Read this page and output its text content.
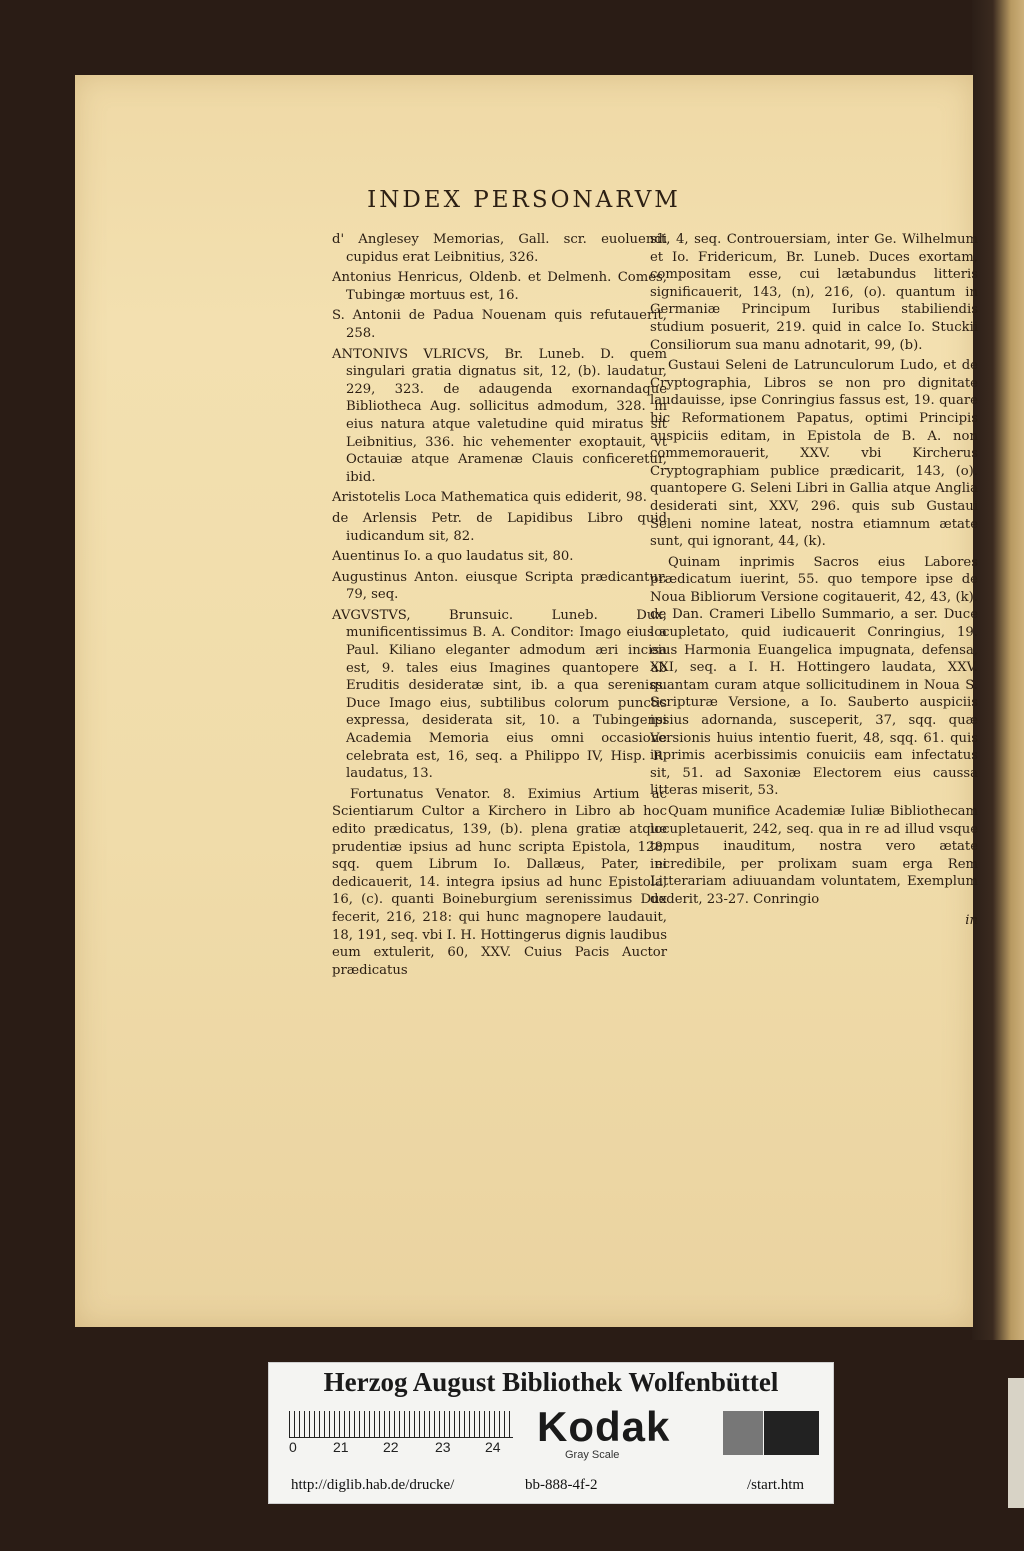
INDEX PERSONARVM

d' Anglesey Memorias, Gall. scr. euoluendi cupidus erat Leibnitius, 326.

Antonius Henricus, Oldenb. et Delmenh. Comes, Tubingæ mortuus est, 16.

S. Antonii de Padua Nouenam quis refutauerit, 258.

ANTONIVS VLRICVS, Br. Luneb. D. quem singulari gratia dignatus sit, 12, (b). laudatur, 229, 323. de adaugenda exornandaque Bibliotheca Aug. sollicitus admodum, 328. in eius natura atque valetudine quid miratus sit Leibnitius, 336. hic vehementer exoptauit, vt Octauiæ atque Aramenæ Clauis conficeretur, ibid.

Aristotelis Loca Mathematica quis ediderit, 98.

de Arlensis Petr. de Lapidibus Libro quid iudicandum sit, 82.

Auentinus Io. a quo laudatus sit, 80.

Augustinus Anton. eiusque Scripta prædicantur, 79, seq.

AVGVSTVS, Brunsuic. Luneb. Dux, munificentissimus B. A. Conditor: Imago eius a Paul. Kiliano eleganter admodum æri incisa est, 9. tales eius Imagines quantopere ab Eruditis desideratæ sint, ib. a qua sereniss. Duce Imago eius, subtilibus colorum punctis expressa, desiderata sit, 10. a Tubingensi Academia Memoria eius omni occasione celebrata est, 16, seq. a Philippo IV, Hisp. R. laudatus, 13.

Fortunatus Venator. 8. Eximius Artium ac Scientiarum Cultor a Kirchero in Libro ab hoc edito prædicatus, 139, (b). plena gratiæ atque prudentiæ ipsius ad hunc scripta Epistola, 128, sqq. quem Librum Io. Dallæus, Pater, ei dedicauerit, 14. integra ipsius ad hunc Epistola, 16, (c). quanti Boineburgium serenissimus Dux fecerit, 216, 218: qui hunc magnopere laudauit, 18, 191, seq. vbi I. H. Hottingerus dignis laudibus eum extulerit, 60, XXV. Cuius Pacis Auctor prædicatus

sit, 4, seq. Controuersiam, inter Ge. Wilhelmum et Io. Fridericum, Br. Luneb. Duces exortam, compositam esse, cui lætabundus litteris significauerit, 143, (n), 216, (o). quantum in Germaniæ Principum Iuribus stabiliendis studium posuerit, 219. quid in calce Io. Stuckii Consiliorum sua manu adnotarit, 99, (b).

Gustaui Seleni de Latrunculorum Ludo, et de Cryptographia, Libros se non pro dignitate laudauisse, ipse Conringius fassus est, 19. quare hic Reformationem Papatus, optimi Principis auspiciis editam, in Epistola de B. A. non commemorauerit, XXV. vbi Kircherus Cryptographiam publice prædicarit, 143, (o). quantopere G. Seleni Libri in Gallia atque Anglia desiderati sint, XXV, 296. quis sub Gustaui Seleni nomine lateat, nostra etiamnum ætate sunt, qui ignorant, 44, (k).

Quinam inprimis Sacros eius Labores prædicatum iuerint, 55. quo tempore ipse de Noua Bibliorum Versione cogitauerit, 42, 43, (k). de Dan. Crameri Libello Summario, a ser. Duce locupletato, quid iudicauerit Conringius, 19. eius Harmonia Euangelica impugnata, defensa, XXI, seq. a I. H. Hottingero laudata, XXV. quantam curam atque sollicitudinem in Noua S. Scripturæ Versione, a Io. Sauberto auspiciis ipsius adornanda, susceperit, 37, sqq. quæ Versionis huius intentio fuerit, 48, sqq. 61. quis inprimis acerbissimis conuiciis eam infectatus sit, 51. ad Saxoniæ Electorem eius caussa litteras miserit, 53.

Quam munifice Academiæ Iuliæ Bibliothecam locupletauerit, 242, seq. qua in re ad illud vsque tempus inauditum, nostra vero ætate incredibile, per prolixam suam erga Rem Litterariam adiuuandam voluntatem, Exemplum dederit, 23-27. Conringio

in

Herzog August Bibliothek Wolfenbüttel
0	21 22	23 24 Kodak
Gray Scale
http://diglib.hab.de/drucke/	bb-888-4f-2	/start.htm
